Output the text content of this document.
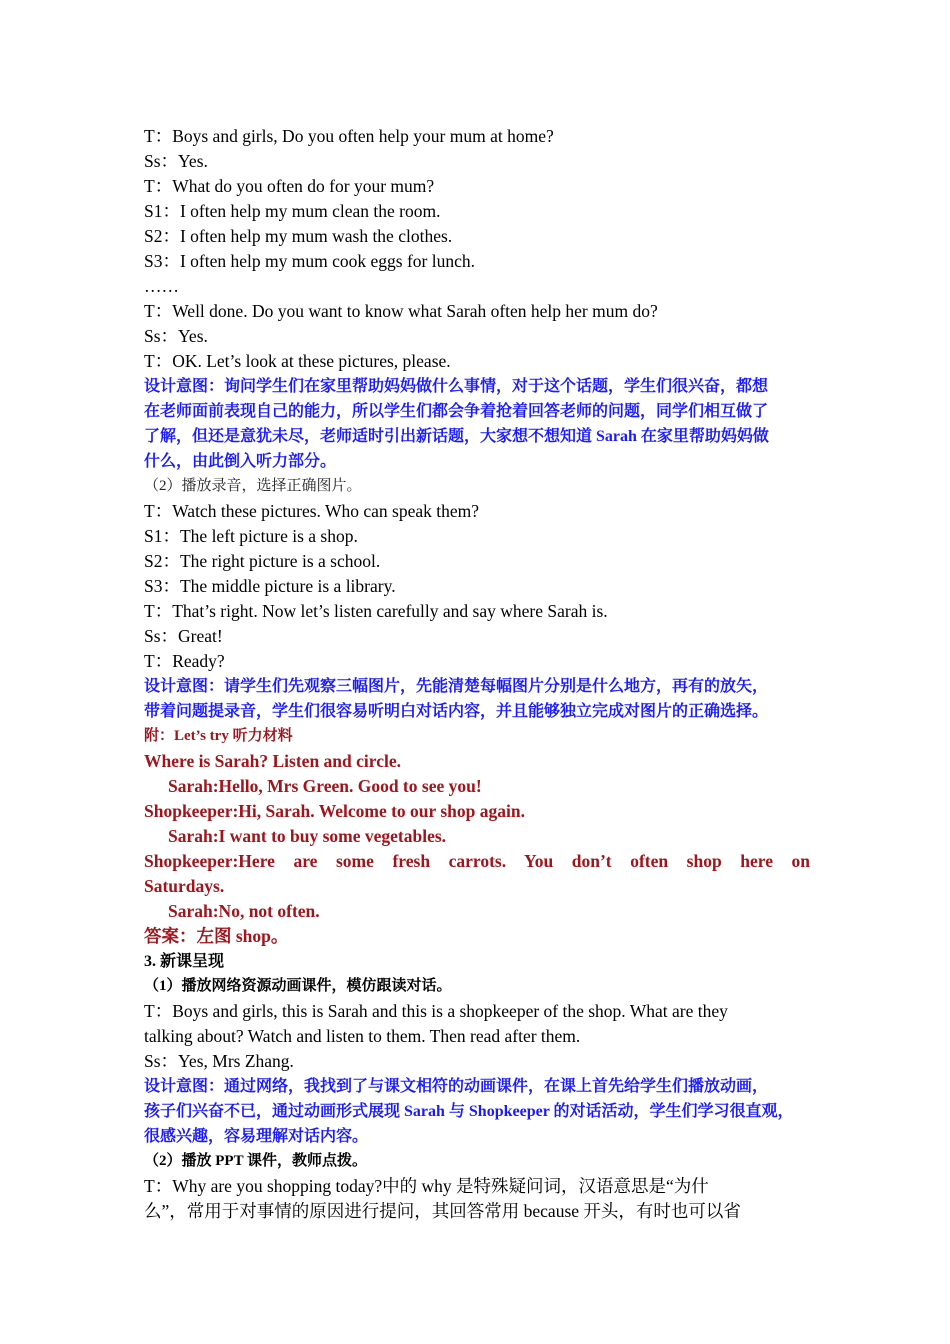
T：Boys and girls, Do you often help your mum at home?
Ss：Yes.
T：What do you often do for your mum?
S1：I often help my mum clean the room.
S2：I often help my mum wash the clothes.
S3：I often help my mum cook eggs for lunch.
……
T：Well done. Do you want to know what Sarah often help her mum do?
Ss：Yes.
T：OK. Let’s look at these pictures, please.
设计意图：询问学生们在家里帮助妈妈做什么事情，对于这个话题，学生们很兴奋，都想
在老师面前表现自己的能力，所以学生们都会争着抢着回答老师的问题，同学们相互做了
了解，但还是意犹未尽，老师适时引出新话题，大家想不想知道 Sarah 在家里帮助妈妈做
什么，由此倒入听力部分。
（2）播放录音，选择正确图片。
T：Watch these pictures. Who can speak them?
S1：The left picture is a shop.
S2：The right picture is a school.
S3：The middle picture is a library.
T：That’s right. Now let’s listen carefully and say where Sarah is.
Ss：Great!
T：Ready?
设计意图：请学生们先观察三幅图片，先能清楚每幅图片分别是什么地方，再有的放矢，
带着问题提录音，学生们很容易听明白对话内容，并且能够独立完成对图片的正确选择。
附：Let’s try 听力材料
Where is Sarah? Listen and circle.
Sarah:Hello, Mrs Green. Good to see you!
Shopkeeper:Hi, Sarah. Welcome to our shop again.
Sarah:I want to buy some vegetables.
Shopkeeper:Here are some fresh carrots. You don’t often shop here on
Saturdays.
Sarah:No, not often.
答案：左图 shop。
3. 新课呈现
（1）播放网络资源动画课件，模仿跟读对话。
T：Boys and girls, this is Sarah and this is a shopkeeper of the shop. What are they
talking about? Watch and listen to them. Then read after them.
Ss：Yes, Mrs Zhang.
设计意图：通过网络，我找到了与课文相符的动画课件，在课上首先给学生们播放动画，
孩子们兴奋不已，通过动画形式展现 Sarah 与 Shopkeeper 的对话活动，学生们学习很直观，
很感兴趣，容易理解对话内容。
（2）播放 PPT 课件，教师点拨。
T：Why are you shopping today?中的 why 是特殊疑问词，汉语意思是“为什
么”，常用于对事情的原因进行提问，其回答常用 because 开头，有时也可以省
